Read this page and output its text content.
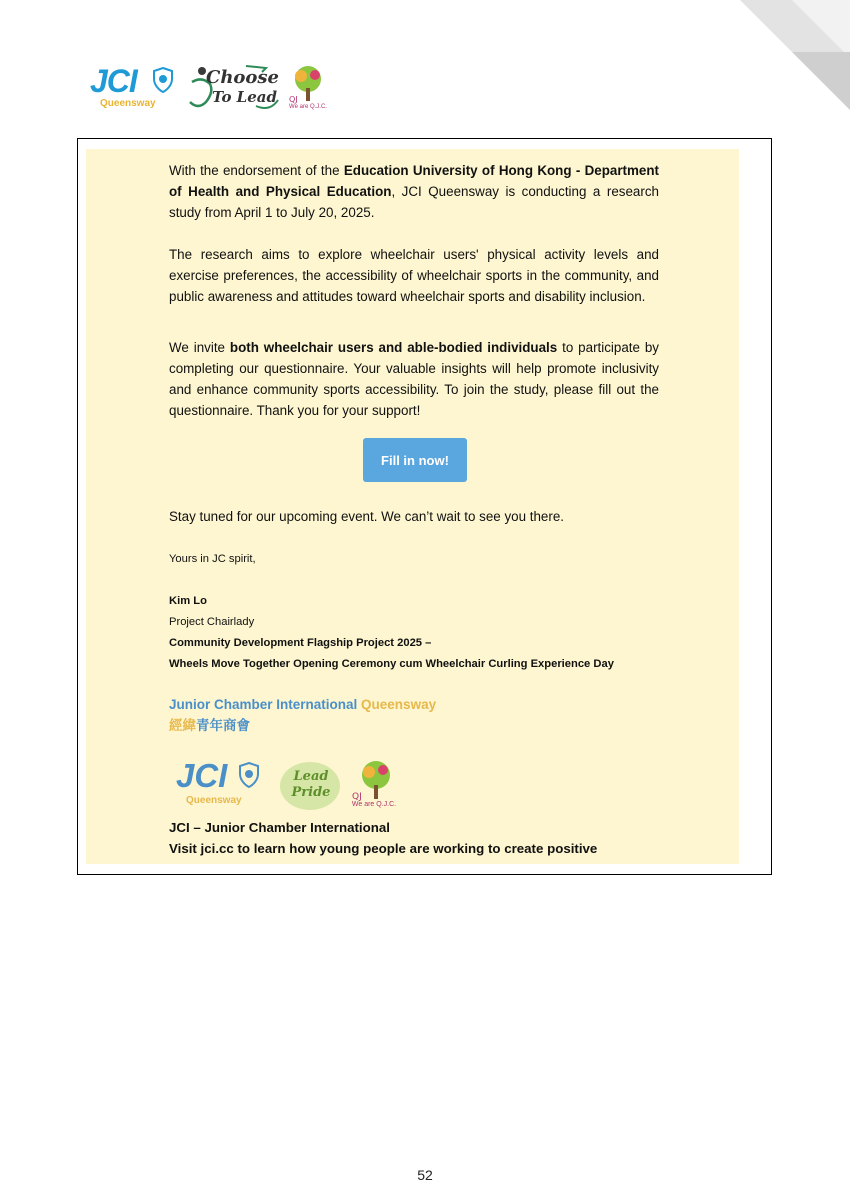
JCI
Queensway
Choose
To Lead QJ
We are Q.J.C.

With the endorsement of the Education University of Hong Kong - Department of Health and Physical Education, JCI Queensway is conducting a research study from April 1 to July 20, 2025.

The research aims to explore wheelchair users' physical activity levels and exercise preferences, the accessibility of wheelchair sports in the community, and public awareness and attitudes toward wheelchair sports and disability inclusion.

We invite both wheelchair users and able-bodied individuals to participate by completing our questionnaire. Your valuable insights will help promote inclusivity and enhance community sports accessibility. To join the study, please fill out the questionnaire. Thank you for your support!

Fill in now!

Stay tuned for our upcoming event. We can’t wait to see you there.

Yours in JC spirit,

Kim Lo

Project Chairlady

Community Development Flagship Project 2025 –

Wheels Move Together Opening Ceremony cum Wheelchair Curling Experience Day

Junior Chamber International Queensway

經緯青年商會

JCI – Junior Chamber International

Visit jci.cc to learn how young people are working to create positive

JCI
Queensway
Lead Pride	QJ
We are Q.J.C.
52
